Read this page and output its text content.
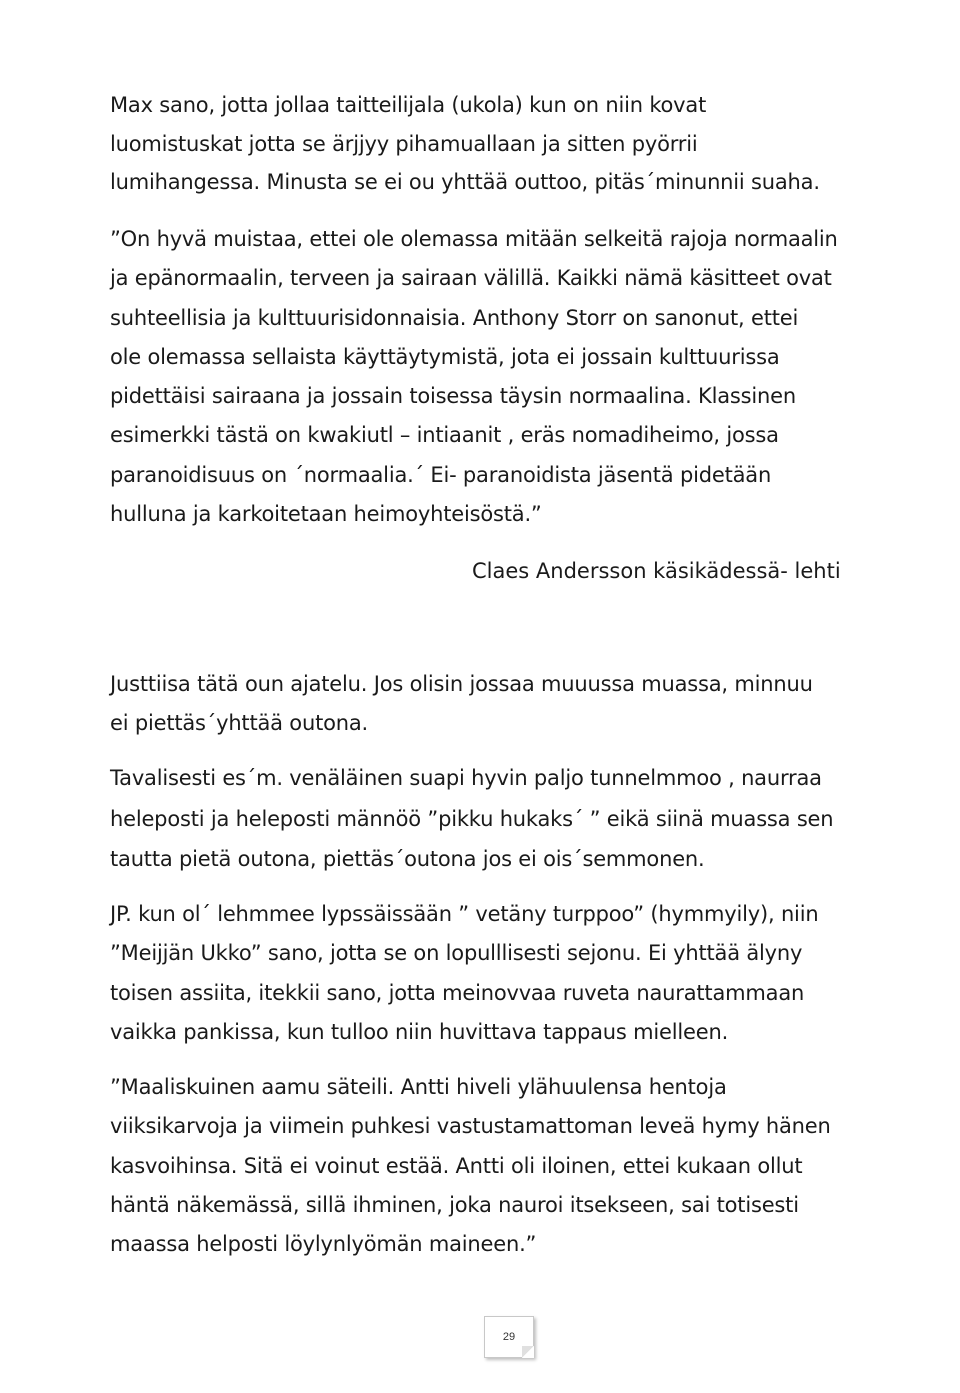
Max sano, jotta jollaa taitteilijala (ukola) kun on niin kovat
luomistuskat jotta se ärjjyy pihamuallaan ja sitten pyörrii
lumihangessa. Minusta se ei ou yhttää outtoo, pitäs´minunnii suaha.
”On hyvä muistaa, ettei ole olemassa mitään selkeitä rajoja normaalin
ja epänormaalin, terveen ja sairaan välillä. Kaikki nämä käsitteet ovat
suhteellisia ja kulttuurisidonnaisia. Anthony Storr on sanonut, ettei
ole olemassa sellaista käyttäytymistä, jota ei jossain kulttuurissa
pidettäisi sairaana ja jossain toisessa täysin normaalina. Klassinen
esimerkki tästä on kwakiutl – intiaanit , eräs nomadiheimo, jossa
paranoidisuus on ´normaalia.´ Ei- paranoidista jäsentä pidetään
hulluna ja karkoitetaan heimoyhteisöstä.”
Claes Andersson käsikädessä- lehti
Justtiisa tätä oun ajatelu. Jos olisin jossaa muuussa muassa, minnuu
ei piettäs´yhttää outona.
Tavalisesti es´m. venäläinen suapi hyvin paljo tunnelmmoo , naurraa
heleposti ja heleposti männöö ”pikku hukaks´ ” eikä siinä muassa sen
tautta pietä outona, piettäs´outona jos ei ois´semmonen.
JP. kun ol´ lehmmee lypssäissään ” vetäny turppoo” (hymmyily), niin
”Meijjän Ukko” sano, jotta se on lopulllisesti sejonu. Ei yhttää älyny
toisen assiita, itekkii sano, jotta meinovvaa ruveta naurattammaan
vaikka pankissa, kun tulloo niin huvittava tappaus mielleen.
”Maaliskuinen aamu säteili. Antti hiveli ylähuulensa hentoja
viiksikarvoja ja viimein puhkesi vastustamattoman leveä hymy hänen
kasvoihinsa. Sitä ei voinut estää. Antti oli iloinen, ettei kukaan ollut
häntä näkemässä, sillä ihminen, joka nauroi itsekseen, sai totisesti
maassa helposti löylynlyömän maineen.”
29
